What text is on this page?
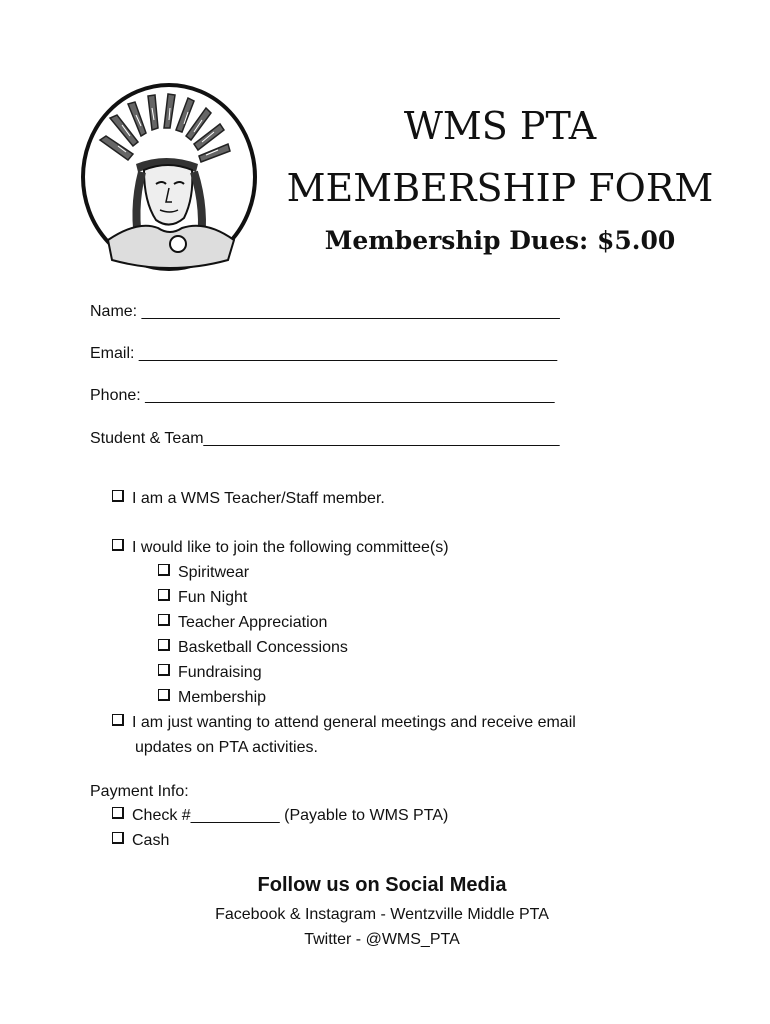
WMS PTA
MEMBERSHIP FORM
Membership Dues: $5.00
Name: _______________________________________________
Email: _______________________________________________
Phone: ______________________________________________
Student & Team________________________________________
I am a WMS Teacher/Staff member.
I would like to join the following committee(s)
Spiritwear
Fun Night
Teacher Appreciation
Basketball Concessions
Fundraising
Membership
I am just wanting to attend general meetings and receive email
updates on PTA activities.
Payment Info:
Check #__________ (Payable to WMS PTA)
Cash
Follow us on Social Media
Facebook & Instagram - Wentzville Middle PTA
Twitter - @WMS_PTA
